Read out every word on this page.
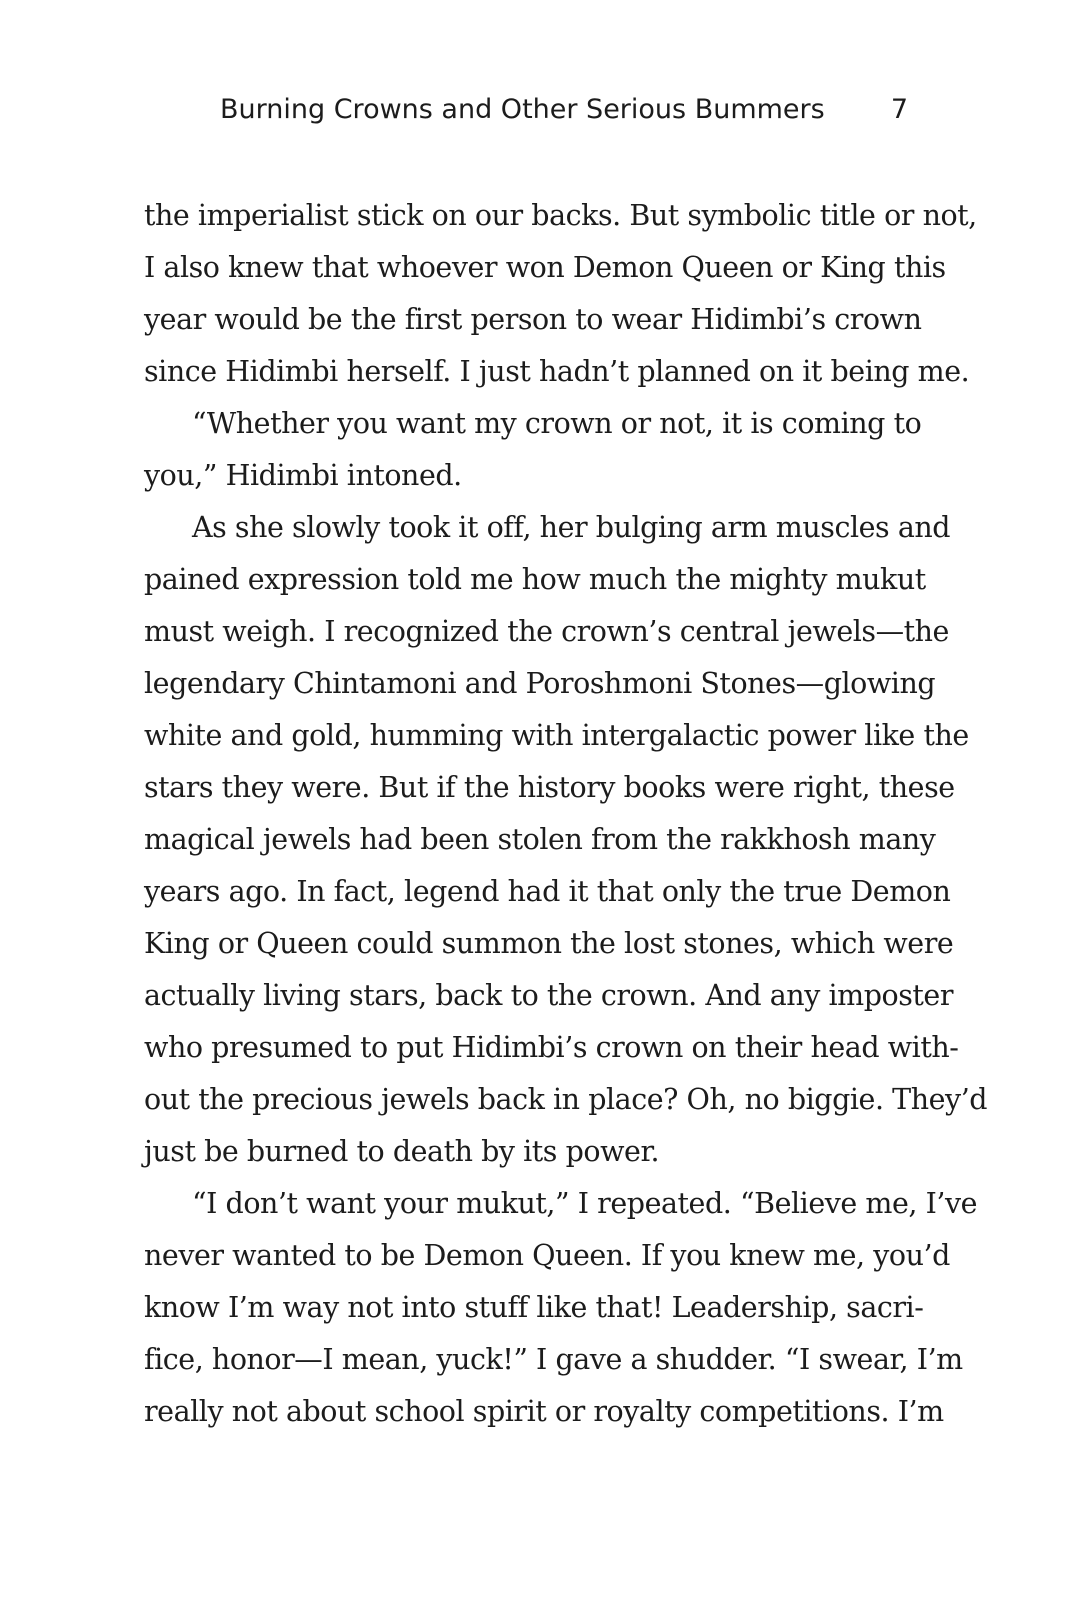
Burning Crowns and Other Serious Bummers 7
the imperialist stick on our backs. But symbolic title or not,
I also knew that whoever won Demon Queen or King this
year would be the first person to wear Hidimbi’s crown
since Hidimbi herself. I just hadn’t planned on it being me.
“Whether you want my crown or not, it is coming to
you,” Hidimbi intoned.
As she slowly took it off, her bulging arm muscles and
pained expression told me how much the mighty mukut
must weigh. I recognized the crown’s central jewels—the
legendary Chintamoni and Poroshmoni Stones—glowing
white and gold, humming with intergalactic power like the
stars they were. But if the history books were right, these
magical jewels had been stolen from the rakkhosh many
years ago. In fact, legend had it that only the true Demon
King or Queen could summon the lost stones, which were
actually living stars, back to the crown. And any imposter
who presumed to put Hidimbi’s crown on their head with-
out the precious jewels back in place? Oh, no biggie. They’d
just be burned to death by its power.
“I don’t want your mukut,” I repeated. “Believe me, I’ve
never wanted to be Demon Queen. If you knew me, you’d
know I’m way not into stuff like that! Leadership, sacri-
fice, honor—I mean, yuck!” I gave a shudder. “I swear, I’m
really not about school spirit or royalty competitions. I’m
